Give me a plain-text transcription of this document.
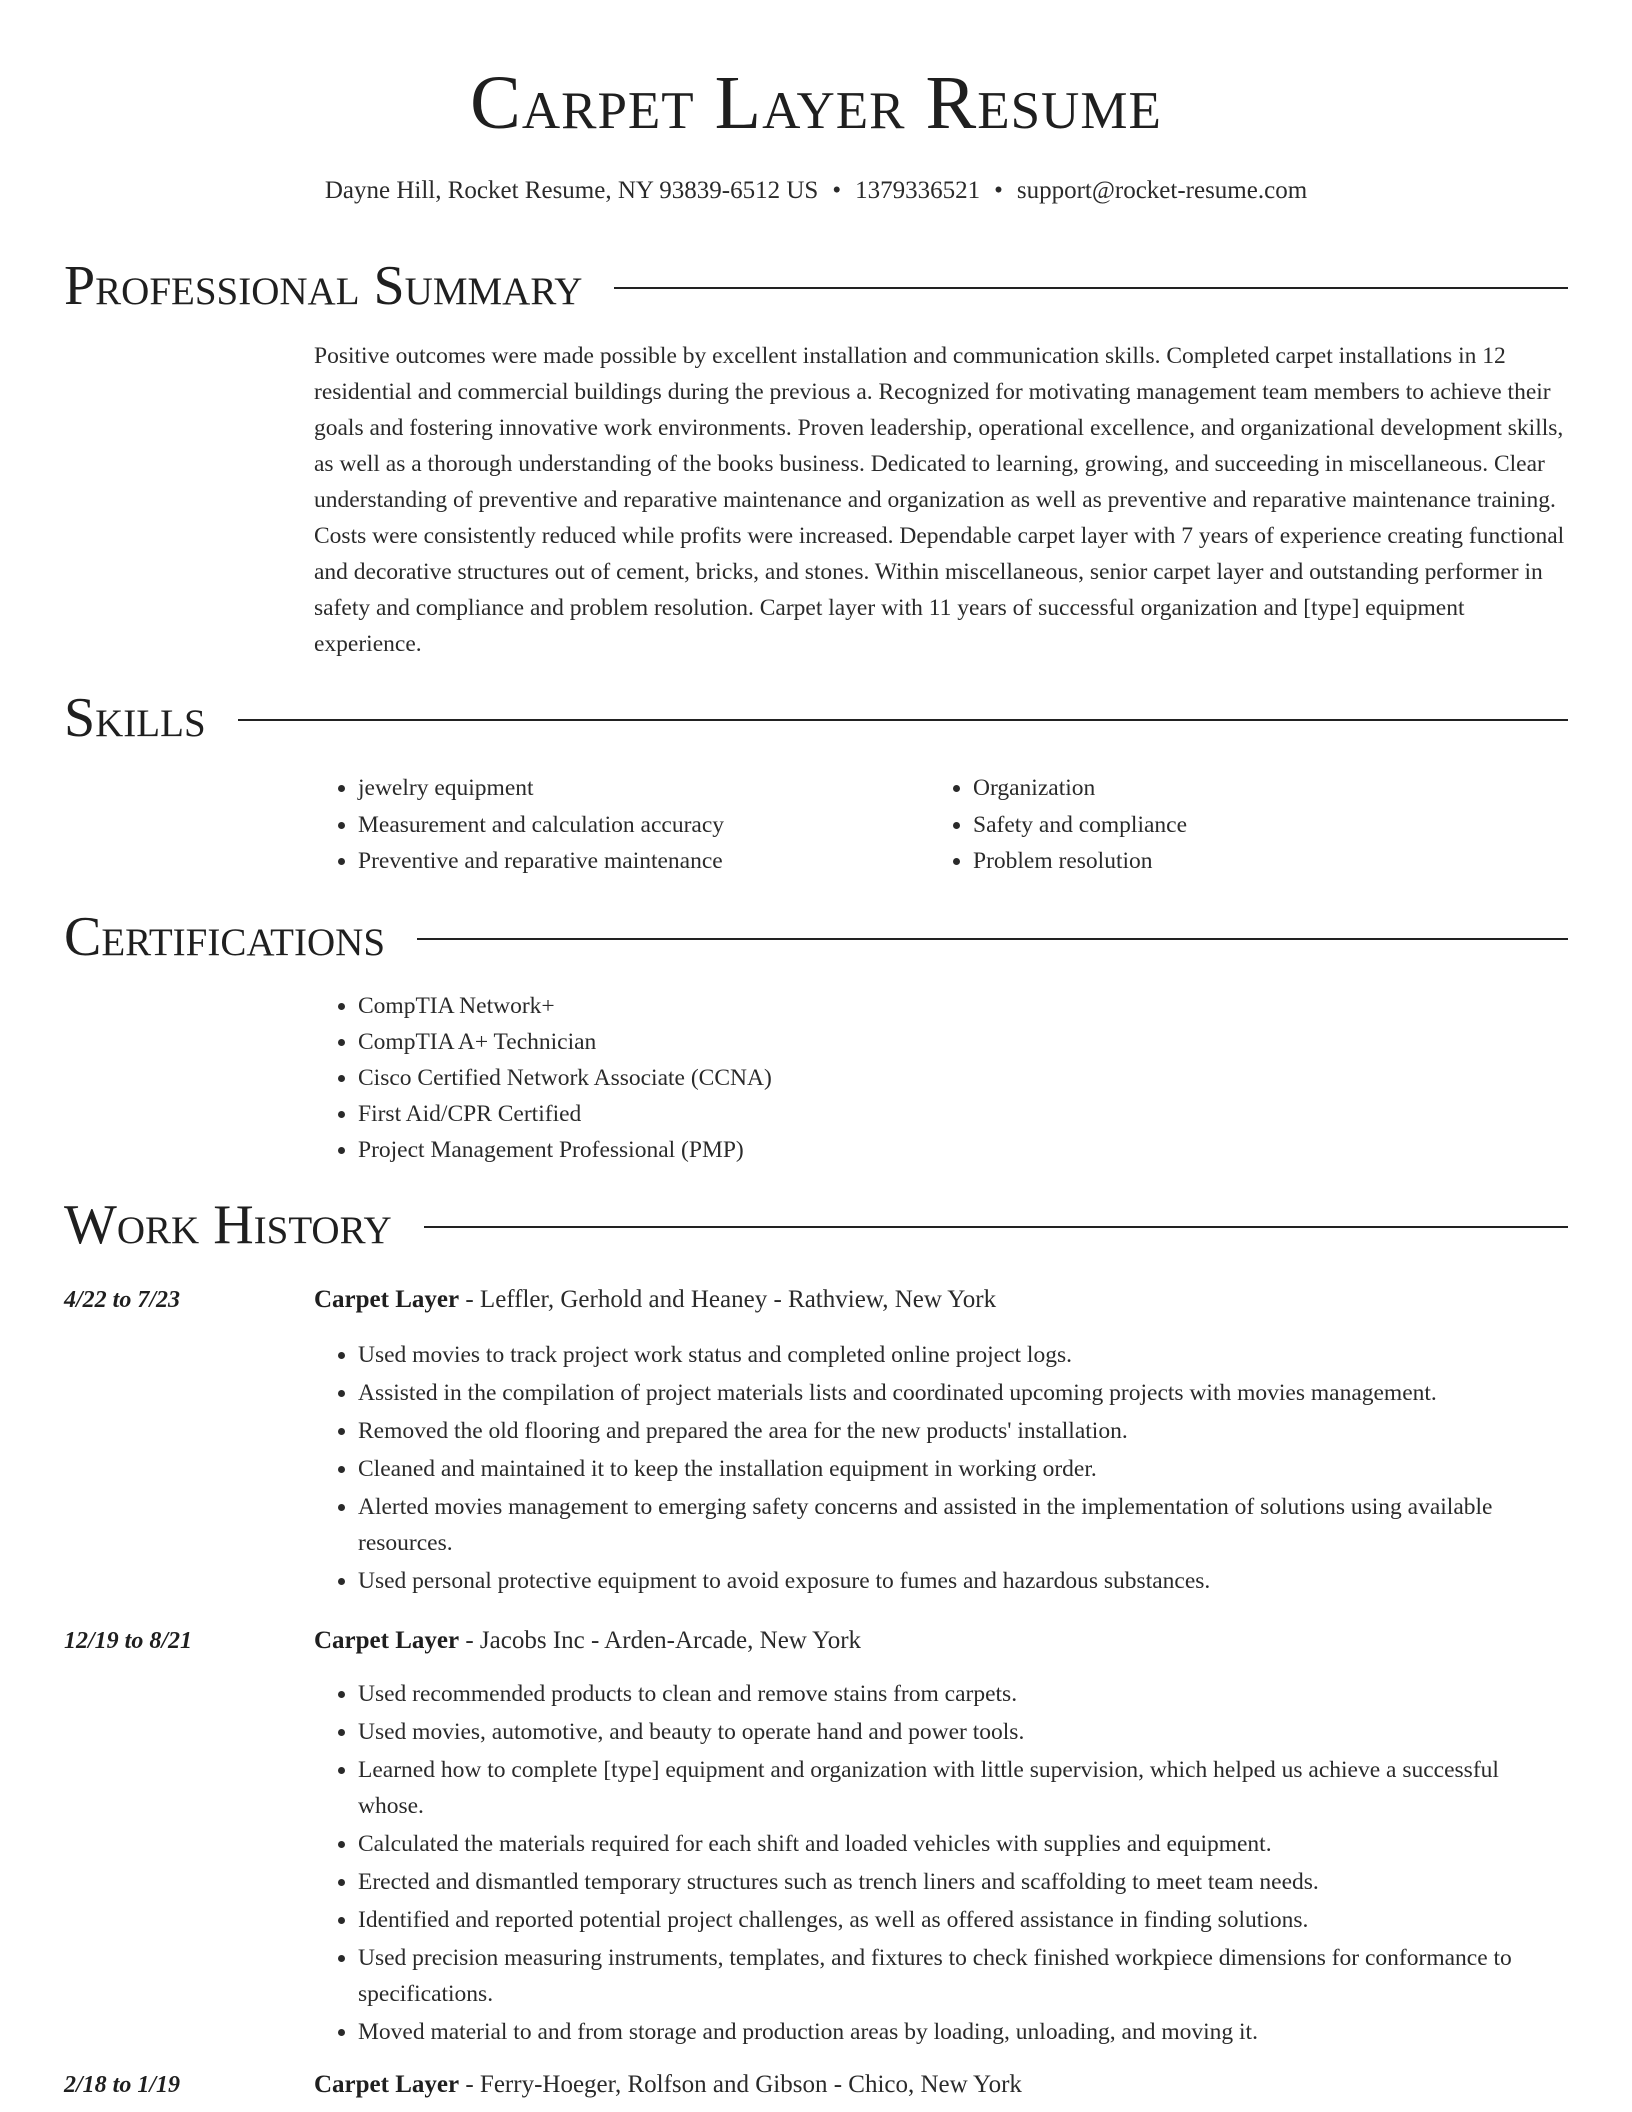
Carpet Layer Resume
Dayne Hill, Rocket Resume, NY 93839-6512 US • 1379336521 • support@rocket-resume.com
Professional Summary
Positive outcomes were made possible by excellent installation and communication skills. Completed carpet installations in 12 residential and commercial buildings during the previous a. Recognized for motivating management team members to achieve their goals and fostering innovative work environments. Proven leadership, operational excellence, and organizational development skills, as well as a thorough understanding of the books business. Dedicated to learning, growing, and succeeding in miscellaneous. Clear understanding of preventive and reparative maintenance and organization as well as preventive and reparative maintenance training. Costs were consistently reduced while profits were increased. Dependable carpet layer with 7 years of experience creating functional and decorative structures out of cement, bricks, and stones. Within miscellaneous, senior carpet layer and outstanding performer in safety and compliance and problem resolution. Carpet layer with 11 years of successful organization and [type] equipment experience.
Skills
• jewelry equipment
• Measurement and calculation accuracy
• Preventive and reparative maintenance
• Organization
• Safety and compliance
• Problem resolution
Certifications
• CompTIA Network+
• CompTIA A+ Technician
• Cisco Certified Network Associate (CCNA)
• First Aid/CPR Certified
• Project Management Professional (PMP)
Work History
4/22 to 7/23	Carpet Layer - Leffler, Gerhold and Heaney - Rathview, New York
• Used movies to track project work status and completed online project logs.
• Assisted in the compilation of project materials lists and coordinated upcoming projects with movies management.
• Removed the old flooring and prepared the area for the new products' installation.
• Cleaned and maintained it to keep the installation equipment in working order.
• Alerted movies management to emerging safety concerns and assisted in the implementation of solutions using available resources.
• Used personal protective equipment to avoid exposure to fumes and hazardous substances.
12/19 to 8/21	Carpet Layer - Jacobs Inc - Arden-Arcade, New York
• Used recommended products to clean and remove stains from carpets.
• Used movies, automotive, and beauty to operate hand and power tools.
• Learned how to complete [type] equipment and organization with little supervision, which helped us achieve a successful whose.
• Calculated the materials required for each shift and loaded vehicles with supplies and equipment.
• Erected and dismantled temporary structures such as trench liners and scaffolding to meet team needs.
• Identified and reported potential project challenges, as well as offered assistance in finding solutions.
• Used precision measuring instruments, templates, and fixtures to check finished workpiece dimensions for conformance to specifications.
• Moved material to and from storage and production areas by loading, unloading, and moving it.
2/18 to 1/19	Carpet Layer - Ferry-Hoeger, Rolfson and Gibson - Chico, New York
